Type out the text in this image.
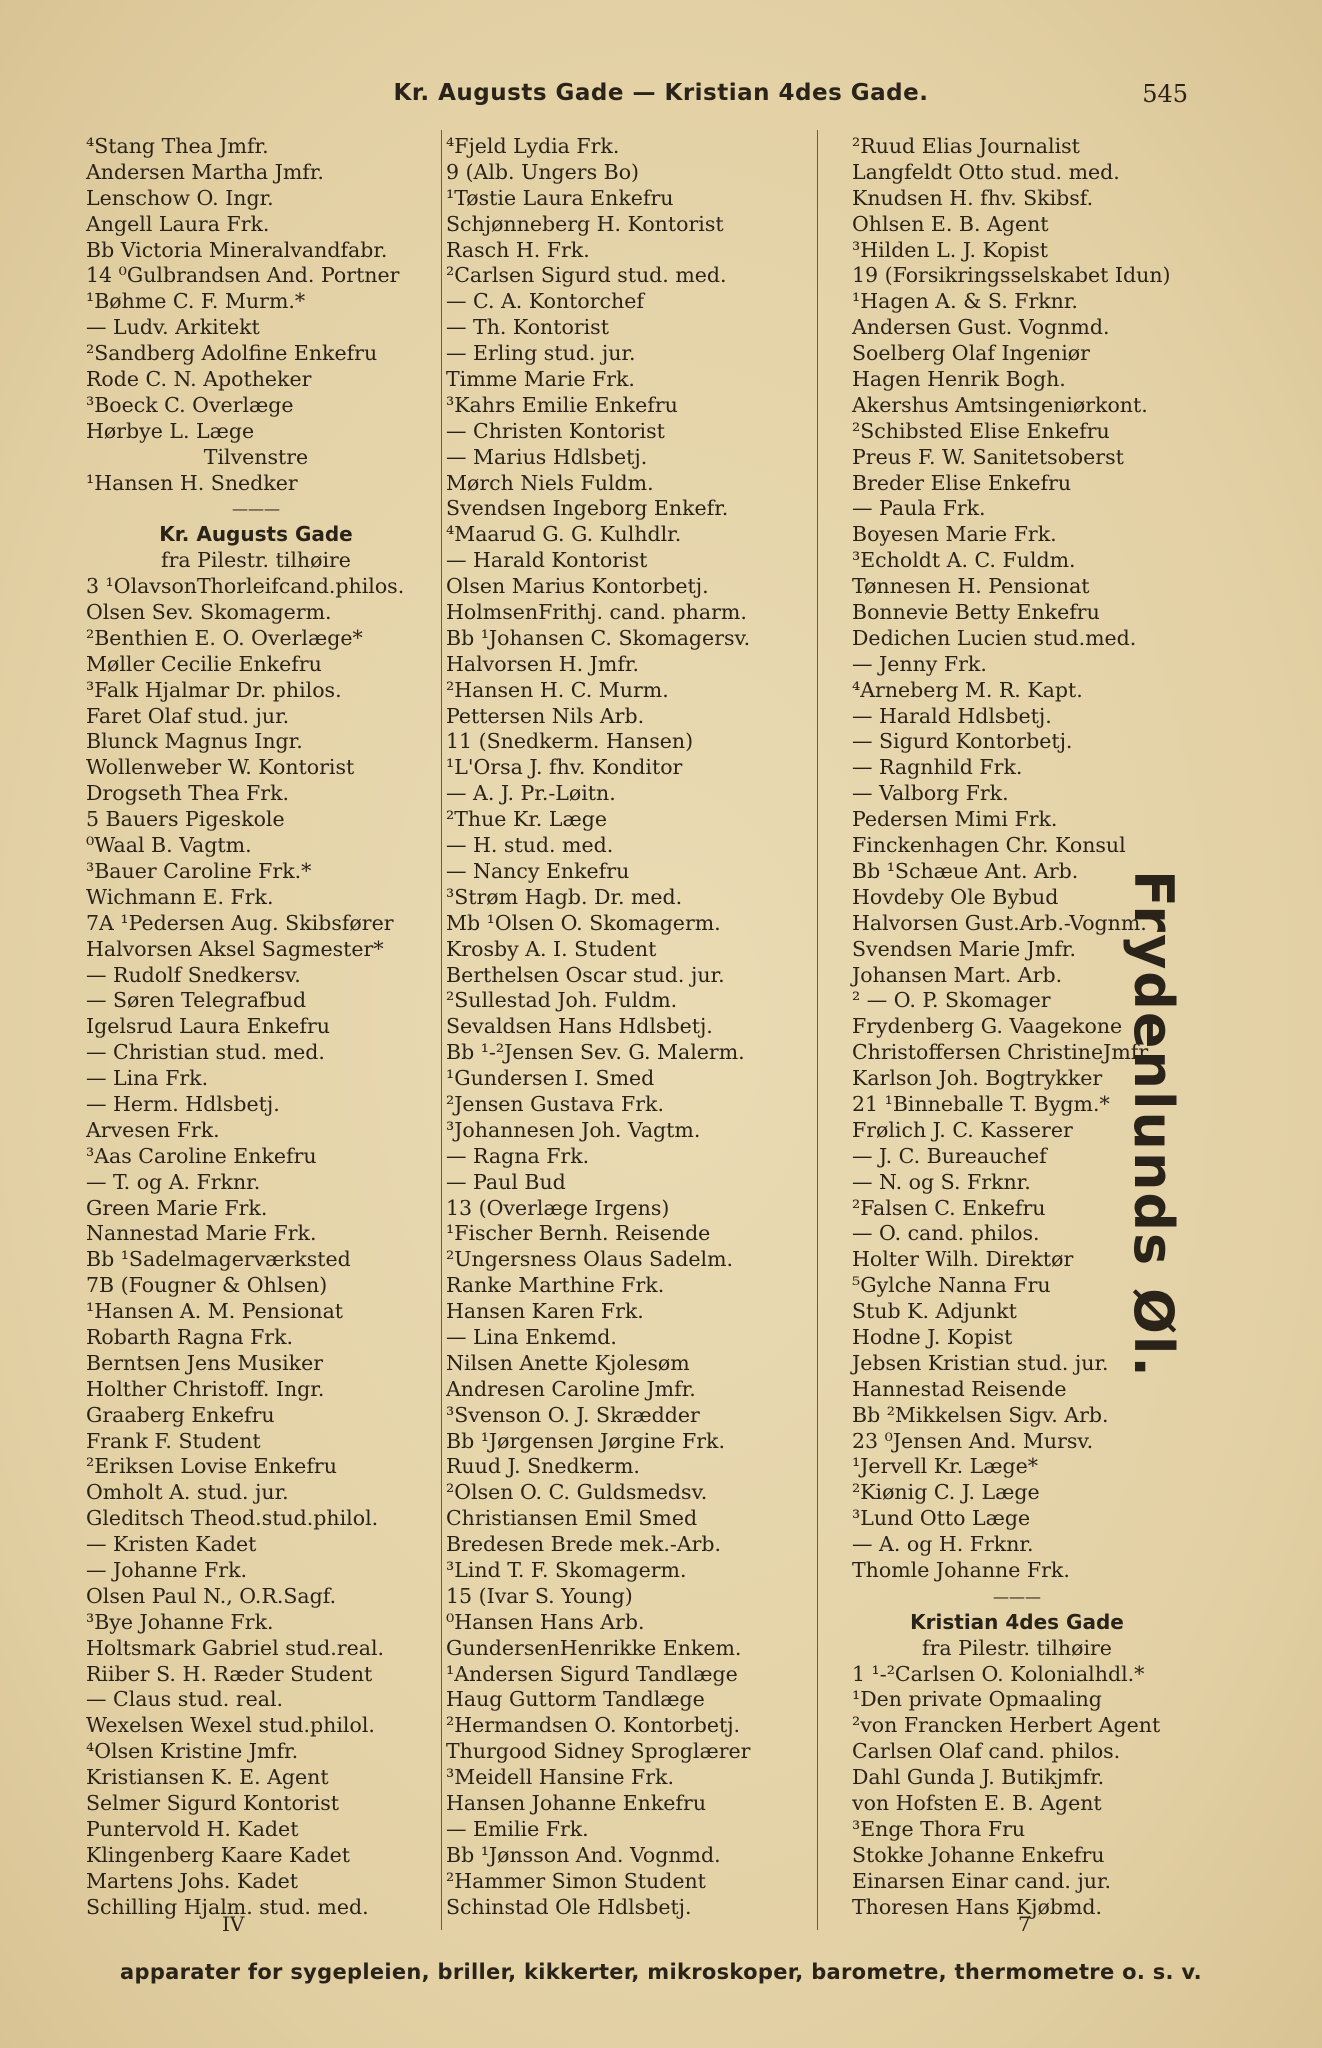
Kr. Augusts Gade — Kristian 4des Gade.	545
⁴Stang Thea Jmfr.
Andersen Martha Jmfr.
Lenschow O. Ingr.
Angell Laura Frk.
Bb Victoria Mineralvandfabr.
14 ⁰Gulbrandsen And. Portner
¹Bøhme C. F. Murm.*
— Ludv. Arkitekt
²Sandberg Adolfine Enkefru
Rode C. N. Apotheker
³Boeck C. Overlæge
Hørbye L. Læge
Tilvenstre
¹Hansen H. Snedker
———
Kr. Augusts Gade
fra Pilestr. tilhøire
3 ¹OlavsonThorleifcand.philos.
Olsen Sev. Skomagerm.
²Benthien E. O. Overlæge*
Møller Cecilie Enkefru
³Falk Hjalmar Dr. philos.
Faret Olaf stud. jur.
Blunck Magnus Ingr.
Wollenweber W. Kontorist
Drogseth Thea Frk.
5 Bauers Pigeskole
⁰Waal B. Vagtm.
³Bauer Caroline Frk.*
Wichmann E. Frk.
7A ¹Pedersen Aug. Skibsfører
Halvorsen Aksel Sagmester*
— Rudolf Snedkersv.
— Søren Telegrafbud
Igelsrud Laura Enkefru
— Christian stud. med.
— Lina Frk.
— Herm. Hdlsbetj.
Arvesen Frk.
³Aas Caroline Enkefru
— T. og A. Frknr.
Green Marie Frk.
Nannestad Marie Frk.
Bb ¹Sadelmagerværksted
7B (Fougner & Ohlsen)
¹Hansen A. M. Pensionat
Robarth Ragna Frk.
Berntsen Jens Musiker
Holther Christoff. Ingr.
Graaberg Enkefru
Frank F. Student
²Eriksen Lovise Enkefru
Omholt A. stud. jur.
Gleditsch Theod.stud.philol.
— Kristen Kadet
— Johanne Frk.
Olsen Paul N., O.R.Sagf.
³Bye Johanne Frk.
Holtsmark Gabriel stud.real.
Riiber S. H. Ræder Student
— Claus stud. real.
Wexelsen Wexel stud.philol.
⁴Olsen Kristine Jmfr.
Kristiansen K. E. Agent
Selmer Sigurd Kontorist
Puntervold H. Kadet
Klingenberg Kaare Kadet
Martens Johs. Kadet
Schilling Hjalm. stud. med.
⁴Fjeld Lydia Frk.
9 (Alb. Ungers Bo)
¹Tøstie Laura Enkefru
Schjønneberg H. Kontorist
Rasch H. Frk.
²Carlsen Sigurd stud. med.
— C. A. Kontorchef
— Th. Kontorist
— Erling stud. jur.
Timme Marie Frk.
³Kahrs Emilie Enkefru
— Christen Kontorist
— Marius Hdlsbetj.
Mørch Niels Fuldm.
Svendsen Ingeborg Enkefr.
⁴Maarud G. G. Kulhdlr.
— Harald Kontorist
Olsen Marius Kontorbetj.
HolmsenFrithj. cand. pharm.
Bb ¹Johansen C. Skomagersv.
Halvorsen H. Jmfr.
²Hansen H. C. Murm.
Pettersen Nils Arb.
11 (Snedkerm. Hansen)
¹L'Orsa J. fhv. Konditor
— A. J. Pr.-Løitn.
²Thue Kr. Læge
— H. stud. med.
— Nancy Enkefru
³Strøm Hagb. Dr. med.
Mb ¹Olsen O. Skomagerm.
Krosby A. I. Student
Berthelsen Oscar stud. jur.
²Sullestad Joh. Fuldm.
Sevaldsen Hans Hdlsbetj.
Bb ¹-²Jensen Sev. G. Malerm.
¹Gundersen I. Smed
²Jensen Gustava Frk.
³Johannesen Joh. Vagtm.
— Ragna Frk.
— Paul Bud
13 (Overlæge Irgens)
¹Fischer Bernh. Reisende
²Ungersness Olaus Sadelm.
Ranke Marthine Frk.
Hansen Karen Frk.
— Lina Enkemd.
Nilsen Anette Kjolesøm
Andresen Caroline Jmfr.
³Svenson O. J. Skrædder
Bb ¹Jørgensen Jørgine Frk.
Ruud J. Snedkerm.
²Olsen O. C. Guldsmedsv.
Christiansen Emil Smed
Bredesen Brede mek.-Arb.
³Lind T. F. Skomagerm.
15 (Ivar S. Young)
⁰Hansen Hans Arb.
GundersenHenrikke Enkem.
¹Andersen Sigurd Tandlæge
Haug Guttorm Tandlæge
²Hermandsen O. Kontorbetj.
Thurgood Sidney Sproglærer
³Meidell Hansine Frk.
Hansen Johanne Enkefru
— Emilie Frk.
Bb ¹Jønsson And. Vognmd.
²Hammer Simon Student
Schinstad Ole Hdlsbetj.
²Ruud Elias Journalist
Langfeldt Otto stud. med.
Knudsen H. fhv. Skibsf.
Ohlsen E. B. Agent
³Hilden L. J. Kopist
19 (Forsikringsselskabet Idun)
¹Hagen A. & S. Frknr.
Andersen Gust. Vognmd.
Soelberg Olaf Ingeniør
Hagen Henrik Bogh.
Akershus Amtsingeniørkont.
²Schibsted Elise Enkefru
Preus F. W. Sanitetsoberst
Breder Elise Enkefru
— Paula Frk.
Boyesen Marie Frk.
³Echoldt A. C. Fuldm.
Tønnesen H. Pensionat
Bonnevie Betty Enkefru
Dedichen Lucien stud.med.
— Jenny Frk.
⁴Arneberg M. R. Kapt.
— Harald Hdlsbetj.
— Sigurd Kontorbetj.
— Ragnhild Frk.
— Valborg Frk.
Pedersen Mimi Frk.
Finckenhagen Chr. Konsul
Bb ¹Schæue Ant. Arb.
Hovdeby Ole Bybud
Halvorsen Gust.Arb.-Vognm.
Svendsen Marie Jmfr.
Johansen Mart. Arb.
² — O. P. Skomager
Frydenberg G. Vaagekone
Christoffersen ChristineJmfr.
Karlson Joh. Bogtrykker
21 ¹Binneballe T. Bygm.*
Frølich J. C. Kasserer
— J. C. Bureauchef
— N. og S. Frknr.
²Falsen C. Enkefru
— O. cand. philos.
Holter Wilh. Direktør
⁵Gylche Nanna Fru
Stub K. Adjunkt
Hodne J. Kopist
Jebsen Kristian stud. jur.
Hannestad Reisende
Bb ²Mikkelsen Sigv. Arb.
23 ⁰Jensen And. Mursv.
¹Jervell Kr. Læge*
²Kiønig C. J. Læge
³Lund Otto Læge
— A. og H. Frknr.
Thomle Johanne Frk.
———
Kristian 4des Gade
fra Pilestr. tilhøire
1 ¹-²Carlsen O. Kolonialhdl.*
¹Den private Opmaaling
²von Francken Herbert Agent
Carlsen Olaf cand. philos.
Dahl Gunda J. Butikjmfr.
von Hofsten E. B. Agent
³Enge Thora Fru
Stokke Johanne Enkefru
Einarsen Einar cand. jur.
Thoresen Hans Kjøbmd.
Frydenlunds Øl.
IV	7
apparater for sygepleien, briller, kikkerter, mikroskoper, barometre, thermometre o. s. v.
